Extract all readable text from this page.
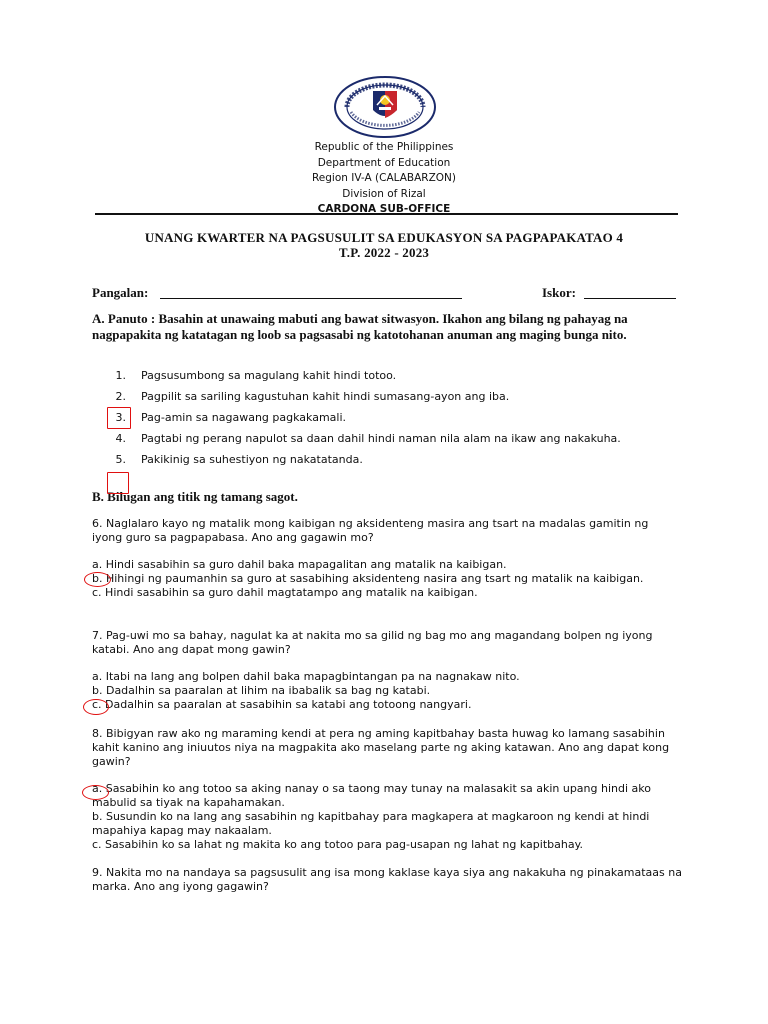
Republic of the Philippines
Department of Education
Region IV-A (CALABARZON)
Division of Rizal
CARDONA SUB-OFFICE
UNANG KWARTER NA PAGSUSULIT SA EDUKASYON SA PAGPAPAKATAO 4
T.P. 2022 - 2023
Pangalan:	Iskor:
A. Panuto : Basahin at unawaing mabuti ang bawat sitwasyon. Ikahon ang bilang ng pahayag na nagpapakita ng katatagan ng loob sa pagsasabi ng katotohanan anuman ang maging bunga nito.
1. Pagsusumbong sa magulang kahit hindi totoo.
2. Pagpilit sa sariling kagustuhan kahit hindi sumasang-ayon ang iba.
3. Pag-amin sa nagawang pagkakamali.
4. Pagtabi ng perang napulot sa daan dahil hindi naman nila alam na ikaw ang nakakuha.
5. Pakikinig sa suhestiyon ng nakatatanda.
B. Bilugan ang titik ng tamang sagot.

6. Naglalaro kayo ng matalik mong kaibigan ng aksidenteng masira ang tsart na madalas gamitin ng iyong guro sa pagpapabasa. Ano ang gagawin mo?

a. Hindi sasabihin sa guro dahil baka mapagalitan ang matalik na kaibigan.

b. Hihingi ng paumanhin sa guro at sasabihing aksidenteng nasira ang tsart ng matalik na kaibigan.

c. Hindi sasabihin sa guro dahil magtatampo ang matalik na kaibigan.

7. Pag-uwi mo sa bahay, nagulat ka at nakita mo sa gilid ng bag mo ang magandang bolpen ng iyong katabi. Ano ang dapat mong gawin?

a. Itabi na lang ang bolpen dahil baka mapagbintangan pa na nagnakaw nito.

b. Dadalhin sa paaralan at lihim na ibabalik sa bag ng katabi.

c. Dadalhin sa paaralan at sasabihin sa katabi ang totoong nangyari.

8. Bibigyan raw ako ng maraming kendi at pera ng aming kapitbahay basta huwag ko lamang sasabihin kahit kanino ang iniuutos niya na magpakita ako maselang parte ng aking katawan. Ano ang dapat kong gawin?

a. Sasabihin ko ang totoo sa aking nanay o sa taong may tunay na malasakit sa akin upang hindi ako mabulid sa tiyak na kapahamakan.

b. Susundin ko na lang ang sasabihin ng kapitbahay para magkapera at magkaroon ng kendi at hindi mapahiya kapag may nakaalam.

c. Sasabihin ko sa lahat ng makita ko ang totoo para pag-usapan ng lahat ng kapitbahay.

9. Nakita mo na nandaya sa pagsusulit ang isa mong kaklase kaya siya ang nakakuha ng pinakamataas na marka. Ano ang iyong gagawin?
